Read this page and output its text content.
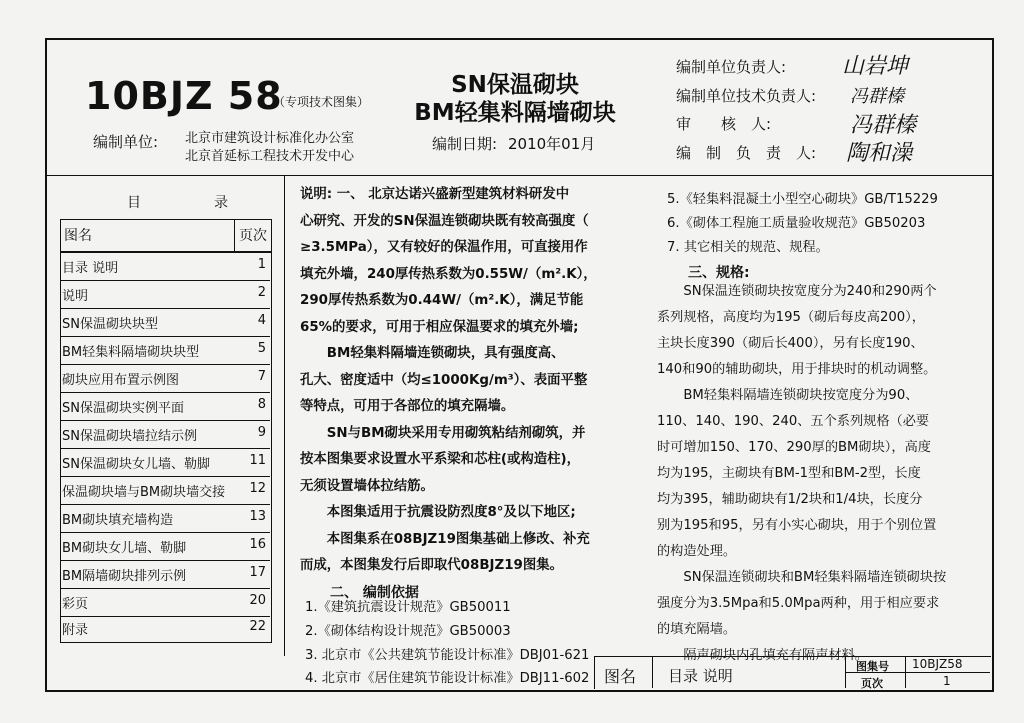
10BJZ 58
（专项技术图集）
编制单位: 北京市建筑设计标准化办公室
北京首延标工程技术开发中心
SN保温砌块
BM轻集料隔墙砌块
编制日期: 2010年01月
编制单位负责人:	山岩坤
编制单位技术负责人: 冯群榛
审　　核　人:	冯群榛
编　制　负　责　人: 陶和澡
目	录
图名	页次
目录 说明	1
说明	2
SN保温砌块块型	4
BM轻集料隔墙砌块块型	5
砌块应用布置示例图	7
SN保温砌块实例平面	8
SN保温砌块墙拉结示例	9
SN保温砌块女儿墙、勒脚	11
保温砌块墙与BM砌块墙交接 12
BM砌块填充墙构造	13
BM砌块女儿墙、勒脚	16
BM隔墙砌块排列示例	17
彩页	20
附录	22
说明: 一、 北京达诺兴盛新型建筑材料研发中
心研究、开发的SN保温连锁砌块既有较高强度（
≥3.5MPa），又有较好的保温作用，可直接用作
填充外墙，240厚传热系数为0.55W/（m².K），
290厚传热系数为0.44W/（m².K），满足节能
65%的要求，可用于相应保温要求的填充外墙;
　　BM轻集料隔墙连锁砌块，具有强度高、
孔大、密度适中（均≤1000Kg/m³）、表面平整
等特点，可用于各部位的填充隔墙。
　　SN与BM砌块采用专用砌筑粘结剂砌筑，并
按本图集要求设置水平系梁和芯柱(或构造柱)，
无须设置墙体拉结筋。
　　本图集适用于抗震设防烈度8°及以下地区;
　　本图集系在08BJZ19图集基础上修改、补充
而成，本图集发行后即取代08BJZ19图集。
二、 编制依据
1.《建筑抗震设计规范》GB50011
2.《砌体结构设计规范》GB50003
3. 北京市《公共建筑节能设计标准》DBJ01-621
4. 北京市《居住建筑节能设计标准》DBJ11-602
5.《轻集料混凝土小型空心砌块》GB/T15229
6.《砌体工程施工质量验收规范》GB50203
7. 其它相关的规范、规程。
三、规格:
　　SN保温连锁砌块按宽度分为240和290两个
系列规格，高度均为195（砌后每皮高200），
主块长度390（砌后长400），另有长度190、
140和90的辅助砌块，用于排块时的机动调整。
　　BM轻集料隔墙连锁砌块按宽度分为90、
110、140、190、240、五个系列规格（必要
时可增加150、170、290厚的BM砌块），高度
均为195，主砌块有BM-1型和BM-2型，长度
均为395，辅助砌块有1/2块和1/4块，长度分
别为195和95，另有小实心砌块，用于个别位置
的构造处理。
　　SN保温连锁砌块和BM轻集料隔墙连锁砌块按
强度分为3.5Mpa和5.0Mpa两种，用于相应要求
的填充隔墙。
　　隔声砌块内孔填充有隔声材料。
图名 目录 说明
图集号 10BJZ58
页次	1
